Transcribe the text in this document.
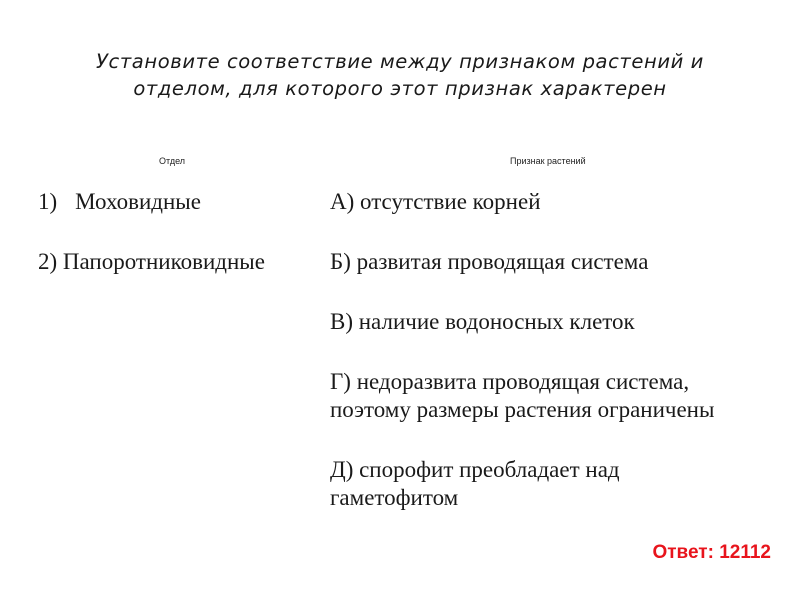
Установите соответствие между признаком растений и
отделом, для которого этот признак характерен
Отдел	Признак растений
1) Моховидные
2) Папоротниковидные
А) отсутствие корней
Б) развитая проводящая система
В) наличие водоносных клеток
Г) недоразвита проводящая система,
поэтому размеры растения ограничены
Д) спорофит преобладает над
гаметофитом
Ответ: 12112
